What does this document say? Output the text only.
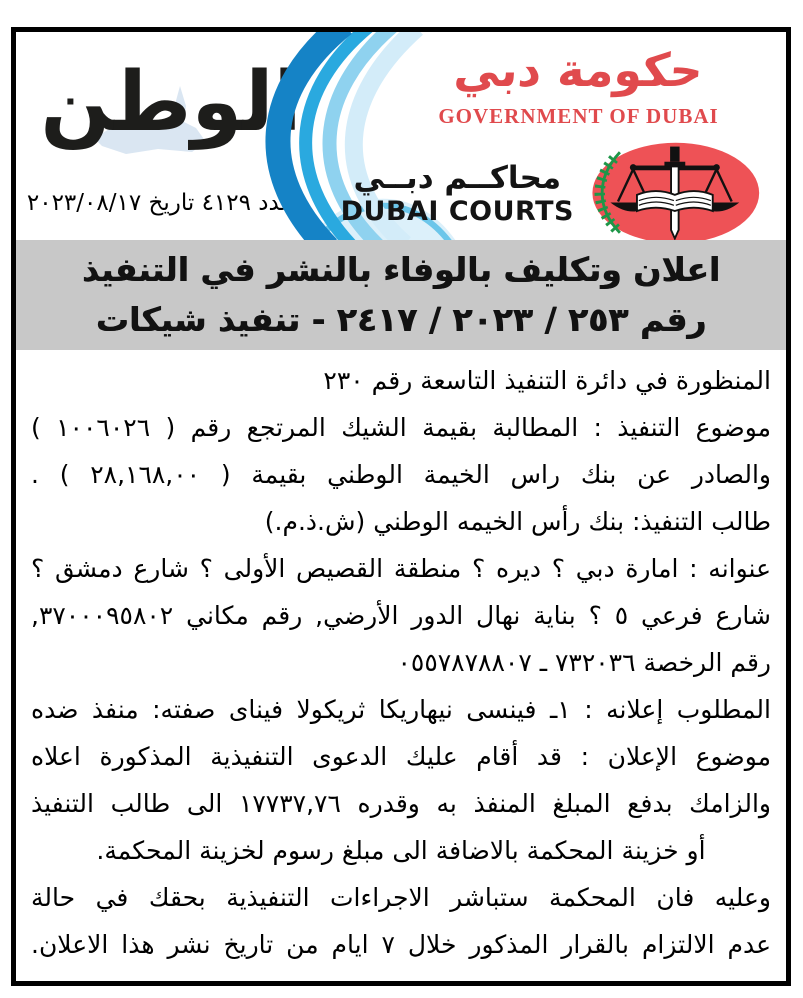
الوطن
العدد ٤١٢٩ تاريخ ٢٠٢٣/٠٨/١٧
حكومة دبي
GOVERNMENT OF DUBAI
محاكــم دبــي
DUBAI COURTS
اعلان وتكليف بالوفاء بالنشر في التنفيذ
رقم ٢٥٣ / ٢٠٢٣ / ٢٤١٧ - تنفيذ شيكات
المنظورة في دائرة التنفيذ التاسعة رقم ٢٣٠
موضوع التنفيذ : المطالبة بقيمة الشيك المرتجع رقم ( ١٠٠٦٠٢٦ )
والصادر عن بنك راس الخيمة الوطني بقيمة ( ٢٨,١٦٨,٠٠ ) .
طالب التنفيذ: بنك رأس الخيمه الوطني (ش.ذ.م.)
عنوانه : امارة دبي ؟ ديره ؟ منطقة القصيص الأولى ؟ شارع دمشق ؟
شارع فرعي ٥ ؟ بناية نهال الدور الأرضي, رقم مكاني ٣٧٠٠٠٩٥٨٠٢,
رقم الرخصة ٧٣٢٠٣٦ ـ ٠٥٥٧٨٧٨٨٠٧
المطلوب إعلانه : ١ـ فينسى نيهاريكا ثريكولا فيناى صفته: منفذ ضده
موضوع الإعلان : قد أقام عليك الدعوى التنفيذية المذكورة اعلاه
والزامك بدفع المبلغ المنفذ به وقدره ١٧٧٣٧,٧٦ الى طالب التنفيذ
أو خزينة المحكمة بالاضافة الى مبلغ رسوم لخزينة المحكمة.
وعليه فان المحكمة ستباشر الاجراءات التنفيذية بحقك في حالة
عدم الالتزام بالقرار المذكور خلال ٧ ايام من تاريخ نشر هذا الاعلان.
